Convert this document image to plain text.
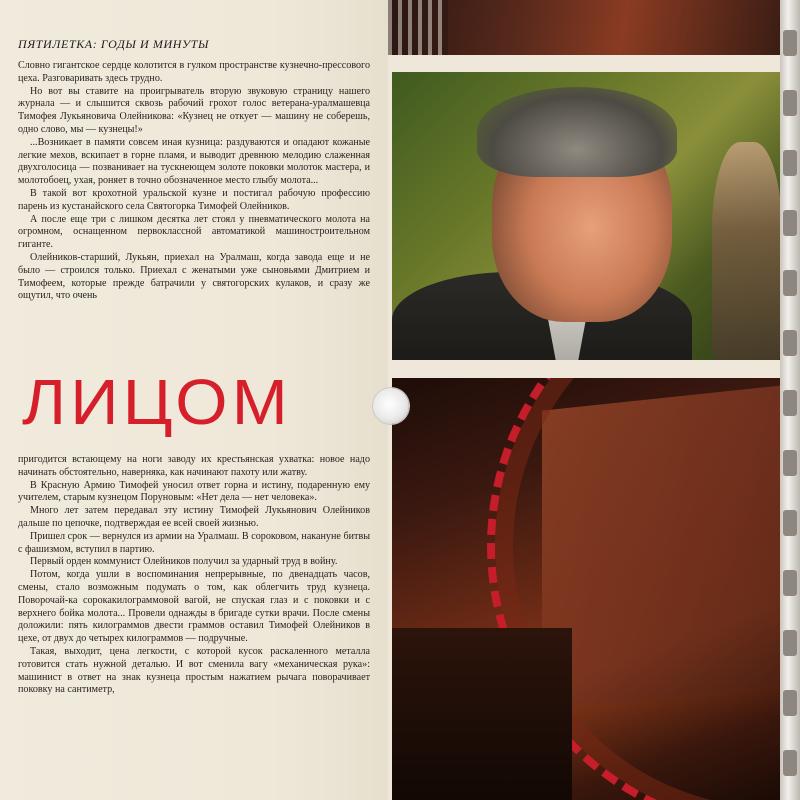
ПЯТИЛЕТКА: ГОДЫ И МИНУТЫ

Словно гигантское сердце колотится в гулком пространстве кузнечно-прессового цеха. Разговаривать здесь трудно.

Но вот вы ставите на проигрыватель вторую звуковую страницу нашего журнала — и слышится сквозь рабочий грохот голос ветерана-уралмашевца Тимофея Лукьяновича Олейникова: «Кузнец не откует — машину не соберешь, одно слово, мы — кузнецы!»

...Возникает в памяти совсем иная кузница: раздуваются и опадают кожаные легкие мехов, вскипает в горне пламя, и выводит древнюю мелодию слаженная двухголосица — позванивает на тускнеющем золоте поковки молоток мастера, и молотобоец, ухая, роняет в точно обозначенное место глыбу молота...

В такой вот крохотной уральской кузне и постигал рабочую профессию парень из кустанайского села Святогорка Тимофей Олейников.

А после еще три с лишком десятка лет стоял у пневматического молота на огромном, оснащенном первоклассной автоматикой машиностроительном гиганте.

Олейников-старший, Лукьян, приехал на Уралмаш, когда завода еще и не было — строился только. Приехал с женатыми уже сыновьями Дмитрием и Тимофеем, которые прежде батрачили у святогорских кулаков, и сразу же ощутил, что очень

ЛИЦОМ

пригодится встающему на ноги заводу их крестьянская ухватка: новое надо начинать обстоятельно, наверняка, как начинают пахоту или жатву.

В Красную Армию Тимофей уносил ответ горна и истину, подаренную ему учителем, старым кузнецом Поруновым: «Нет дела — нет человека».

Много лет затем передавал эту истину Тимофей Лукьянович Олейников дальше по цепочке, подтверждая ее всей своей жизнью.

Пришел срок — вернулся из армии на Уралмаш. В сороковом, накануне битвы с фашизмом, вступил в партию.

Первый орден коммунист Олейников получил за ударный труд в войну.

Потом, когда ушли в воспоминания непрерывные, по двенадцать часов, смены, стало возможным подумать о том, как облегчить труд кузнеца. Поворочай-ка сорокакилограммовой вагой, не спуская глаз и с поковки и с верхнего бойка молота... Провели однажды в бригаде сутки врачи. После смены доложили: пять килограммов двести граммов оставил Тимофей Олейников в цехе, от двух до четырех килограммов — подручные.

Такая, выходит, цена легкости, с которой кусок раскаленного металла готовится стать нужной деталью. И вот сменила вагу «механическая рука»: машинист в ответ на знак кузнеца простым нажатием рычага поворачивает поковку на сантиметр,
